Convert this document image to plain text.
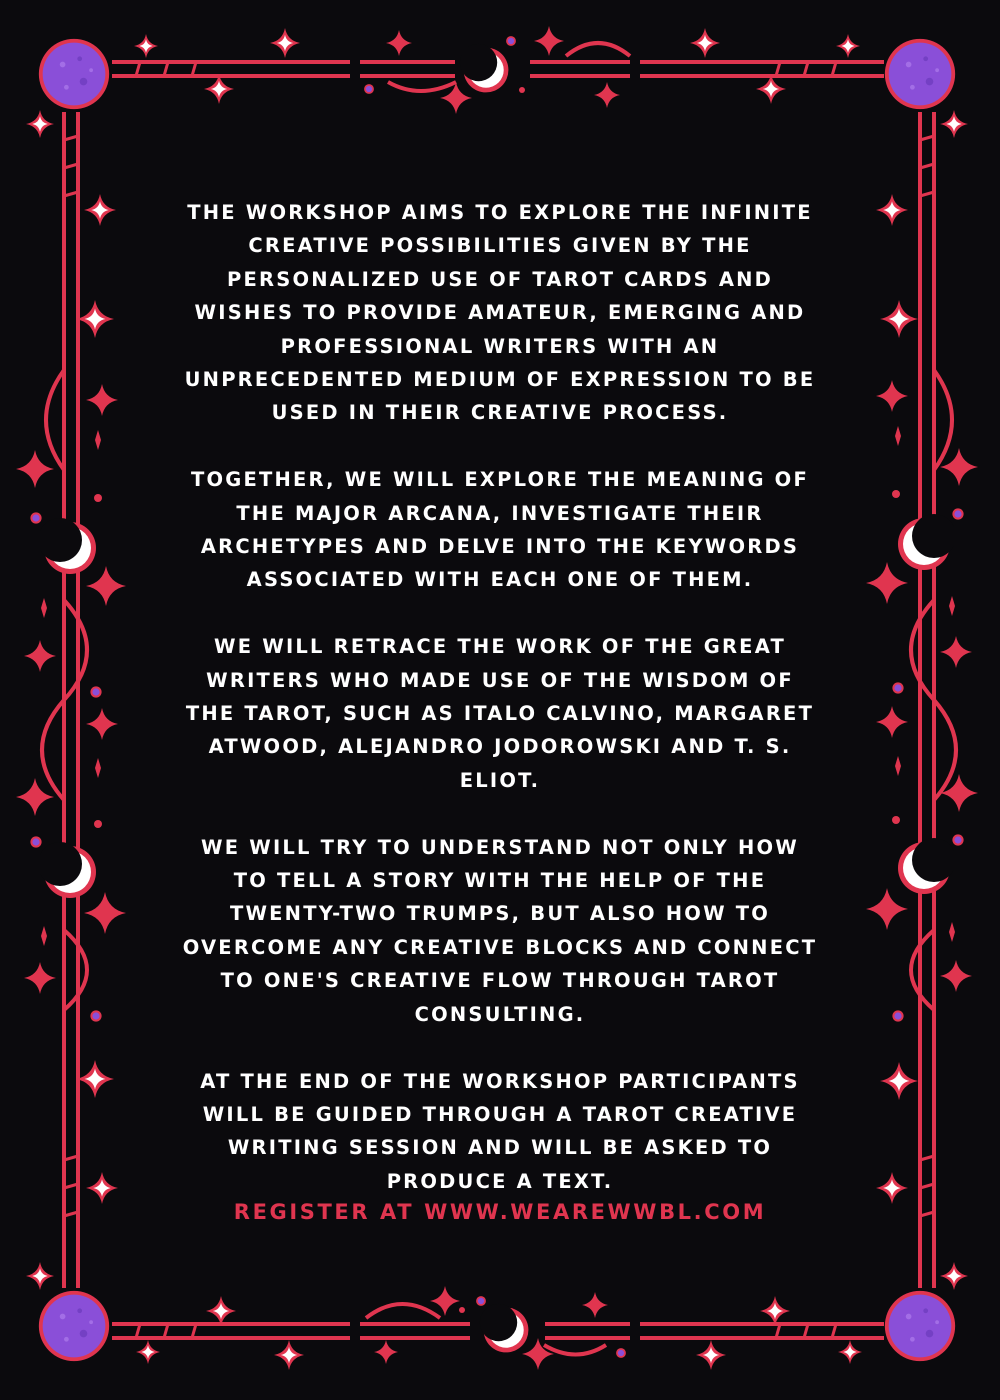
THE WORKSHOP AIMS TO EXPLORE THE INFINITE CREATIVE POSSIBILITIES GIVEN BY THE PERSONALIZED USE OF TAROT CARDS AND WISHES TO PROVIDE AMATEUR, EMERGING AND PROFESSIONAL WRITERS WITH AN UNPRECEDENTED MEDIUM OF EXPRESSION TO BE USED IN THEIR CREATIVE PROCESS.

TOGETHER, WE WILL EXPLORE THE MEANING OF THE MAJOR ARCANA, INVESTIGATE THEIR ARCHETYPES AND DELVE INTO THE KEYWORDS ASSOCIATED WITH EACH ONE OF THEM.

WE WILL RETRACE THE WORK OF THE GREAT WRITERS WHO MADE USE OF THE WISDOM OF THE TAROT, SUCH AS ITALO CALVINO, MARGARET ATWOOD, ALEJANDRO JODOROWSKI AND T. S. ELIOT.

WE WILL TRY TO UNDERSTAND NOT ONLY HOW TO TELL A STORY WITH THE HELP OF THE TWENTY-TWO TRUMPS, BUT ALSO HOW TO OVERCOME ANY CREATIVE BLOCKS AND CONNECT TO ONE'S CREATIVE FLOW THROUGH TAROT CONSULTING.

AT THE END OF THE WORKSHOP PARTICIPANTS WILL BE GUIDED THROUGH A TAROT CREATIVE WRITING SESSION AND WILL BE ASKED TO PRODUCE A TEXT.

REGISTER AT WWW.WEAREWWBL.COM
